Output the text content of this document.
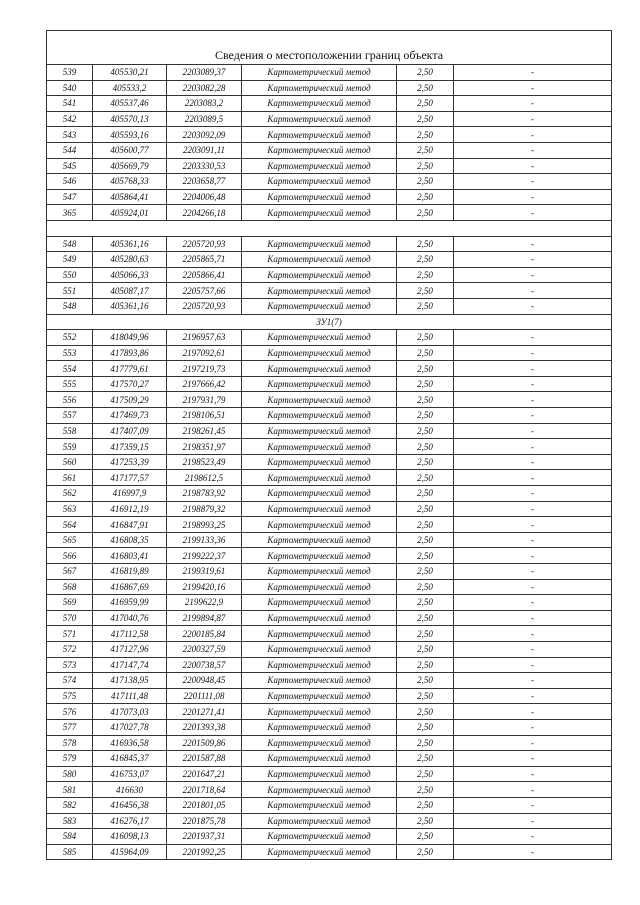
Сведения о местоположении границ объекта					
539	405530,21	2203089,37	Картометрический метод	2,50	-
540	405533,2	2203082,28	Картометрический метод	2,50	-
541	405537,46	2203083,2	Картометрический метод	2,50	-
542	405570,13	2203089,5	Картометрический метод	2,50	-
543	405593,16	2203092,09	Картометрический метод	2,50	-
544	405600,77	2203091,11	Картометрический метод	2,50	-
545	405669,79	2203330,53	Картометрический метод	2,50	-
546	405768,33	2203658,77	Картометрический метод	2,50	-
547	405864,41	2204006,48	Картометрический метод	2,50	-
365	405924,01	2204266,18	Картометрический метод	2,50	-

548	405361,16	2205720,93	Картометрический метод	2,50	-
549	405280,63	2205865,71	Картометрический метод	2,50	-
550	405066,33	2205866,41	Картометрический метод	2,50	-
551	405087,17	2205757,66	Картометрический метод	2,50	-
548	405361,16	2205720,93	Картометрический метод	2,50	-
ЗУ1(7)					
552	418049,96	2196957,63	Картометрический метод	2,50	-
553	417893,86	2197092,61	Картометрический метод	2,50	-
554	417779,61	2197219,73	Картометрический метод	2,50	-
555	417570,27	2197666,42	Картометрический метод	2,50	-
556	417509,29	2197931,79	Картометрический метод	2,50	-
557	417469,73	2198106,51	Картометрический метод	2,50	-
558	417407,09	2198261,45	Картометрический метод	2,50	-
559	417359,15	2198351,97	Картометрический метод	2,50	-
560	417253,39	2198523,49	Картометрический метод	2,50	-
561	417177,57	2198612,5	Картометрический метод	2,50	-
562	416997,9	2198783,92	Картометрический метод	2,50	-
563	416912,19	2198879,32	Картометрический метод	2,50	-
564	416847,91	2198993,25	Картометрический метод	2,50	-
565	416808,35	2199133,36	Картометрический метод	2,50	-
566	416803,41	2199222,37	Картометрический метод	2,50	-
567	416819,89	2199319,61	Картометрический метод	2,50	-
568	416867,69	2199420,16	Картометрический метод	2,50	-
569	416959,99	2199622,9	Картометрический метод	2,50	-
570	417040,76	2199894,87	Картометрический метод	2,50	-
571	417112,58	2200185,84	Картометрический метод	2,50	-
572	417127,96	2200327,59	Картометрический метод	2,50	-
573	417147,74	2200738,57	Картометрический метод	2,50	-
574	417138,95	2200948,45	Картометрический метод	2,50	-
575	417111,48	2201111,08	Картометрический метод	2,50	-
576	417073,03	2201271,41	Картометрический метод	2,50	-
577	417027,78	2201393,38	Картометрический метод	2,50	-
578	416936,58	2201509,86	Картометрический метод	2,50	-
579	416845,37	2201587,88	Картометрический метод	2,50	-
580	416753,07	2201647,21	Картометрический метод	2,50	-
581	416630	2201718,64	Картометрический метод	2,50	-
582	416456,38	2201801,05	Картометрический метод	2,50	-
583	416276,17	2201875,78	Картометрический метод	2,50	-
584	416098,13	2201937,31	Картометрический метод	2,50	-
585	415964,09	2201992,25	Картометрический метод	2,50	-
